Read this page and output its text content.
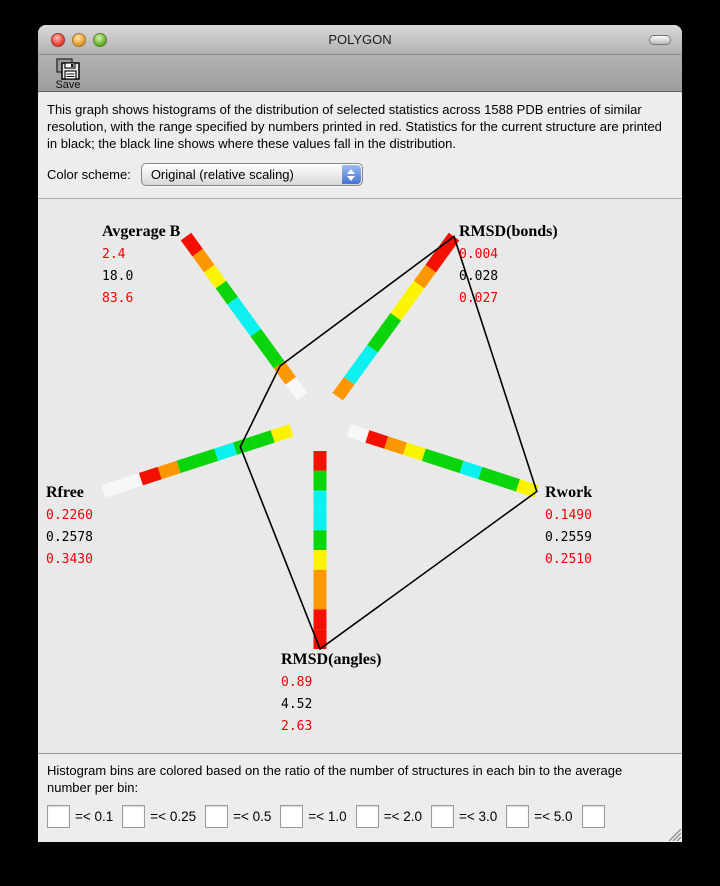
POLYGON
Save

This graph shows histograms of the distribution of selected statistics across 1588 PDB entries of similar resolution, with the range specified by numbers printed in red. Statistics for the current structure are printed in black; the black line shows where these values fall in the distribution.

Color scheme: Original (relative scaling)
Avgerage B
2.4
18.0
83.6
RMSD(bonds)
0.004
0.028
0.027
Rwork
0.1490
0.2559
0.2510
RMSD(angles)
0.89
4.52
2.63
Rfree
0.2260
0.2578
0.3430

Histogram bins are colored based on the ratio of the number of structures in each bin to the average number per bin:

=< 0.1	=< 0.25	=< 0.5	=< 1.0	=< 2.0	=< 3.0	=< 5.0
